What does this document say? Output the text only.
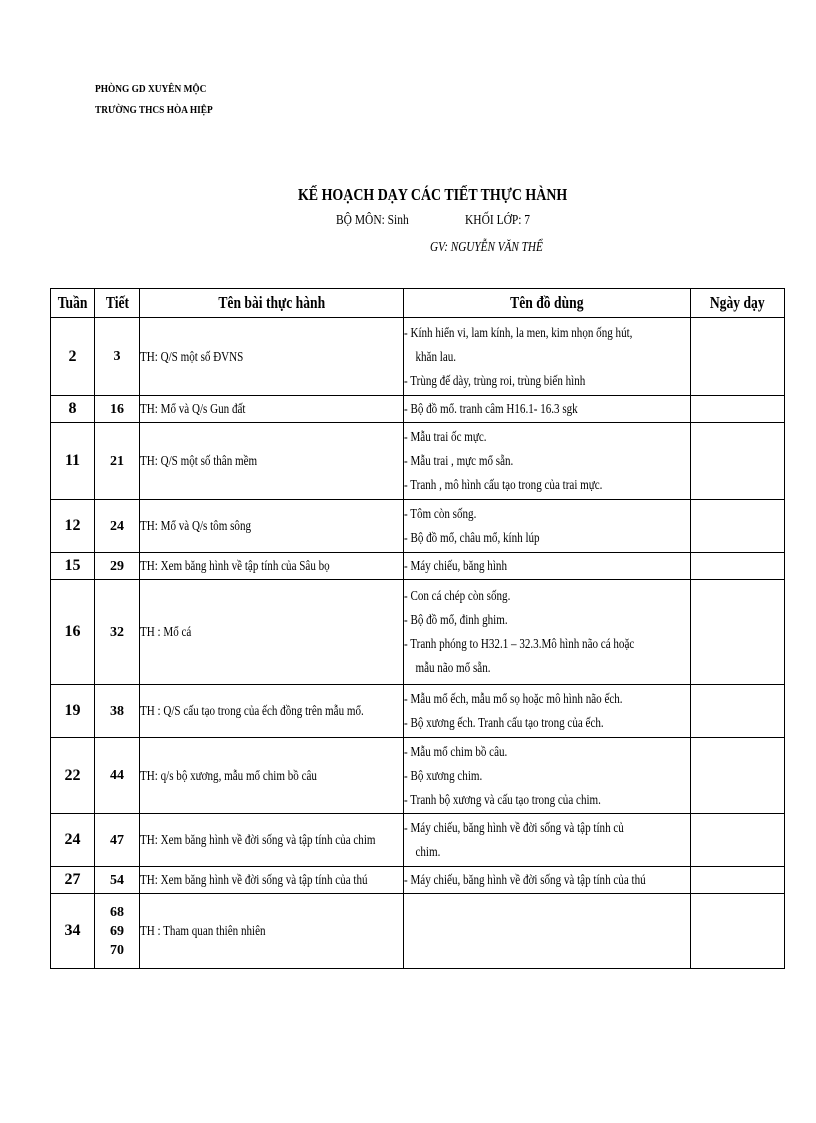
PHÒNG GD XUYÊN MỘC
TRƯỜNG THCS HÒA HIỆP
KẾ HOẠCH DẠY CÁC TIẾT THỰC HÀNH
BỘ MÔN: Sinh	KHỐI LỚP: 7
GV: NGUYỄN VĂN THỂ
Tuần	Tiết	Tên bài thực hành	Tên đồ dùng	Ngày dạy
2	3	TH: Q/S một số ĐVNS	- Kính hiển vi, lam kính, la men, kim nhọn ống hút,
khăn lau.
- Trùng đế dày, trùng roi, trùng biến hình	

8	16	TH: Mổ và Q/s Gun đất	- Bộ đồ mổ. tranh câm H16.1- 16.3 sgk	

11	21	TH: Q/S một số thân mềm	- Mẫu trai ốc mực.
- Mẫu trai , mực mổ sẵn.
- Tranh , mô hình cấu tạo trong của trai mực.	

12	24	TH: Mổ và Q/s tôm sông	- Tôm còn sống.
- Bộ đồ mổ, châu mổ, kính lúp	

15	29	TH: Xem băng hình về tập tính của Sâu bọ	- Máy chiếu, băng hình	

16	32	TH : Mổ cá	- Con cá chép còn sống.
- Bộ đồ mổ, đinh ghim.
- Tranh phóng to H32.1 – 32.3.Mô hình não cá hoặc
mẫu não mổ sẵn.	

19	38	TH : Q/S cấu tạo trong của ếch đồng trên mẫu mổ.	- Mẫu mổ ếch, mẫu mổ sọ hoặc mô hình não ếch.
- Bộ xương ếch. Tranh cấu tạo trong của ếch.	

22	44	TH: q/s bộ xương, mẫu mổ chim bồ câu	- Mẫu mổ chim bồ câu.
- Bộ xương chim.
- Tranh bộ xương và cấu tạo trong của chim.	

24	47	TH: Xem băng hình về đời sống và tập tính của chim	- Máy chiếu, băng hình về đời sống và tập tính củ
chim.	

27	54	TH: Xem băng hình về đời sống và tập tính của thú	- Máy chiếu, băng hình về đời sống và tập tính của thú	

34	68
69
70	TH : Tham quan thiên nhiên		
